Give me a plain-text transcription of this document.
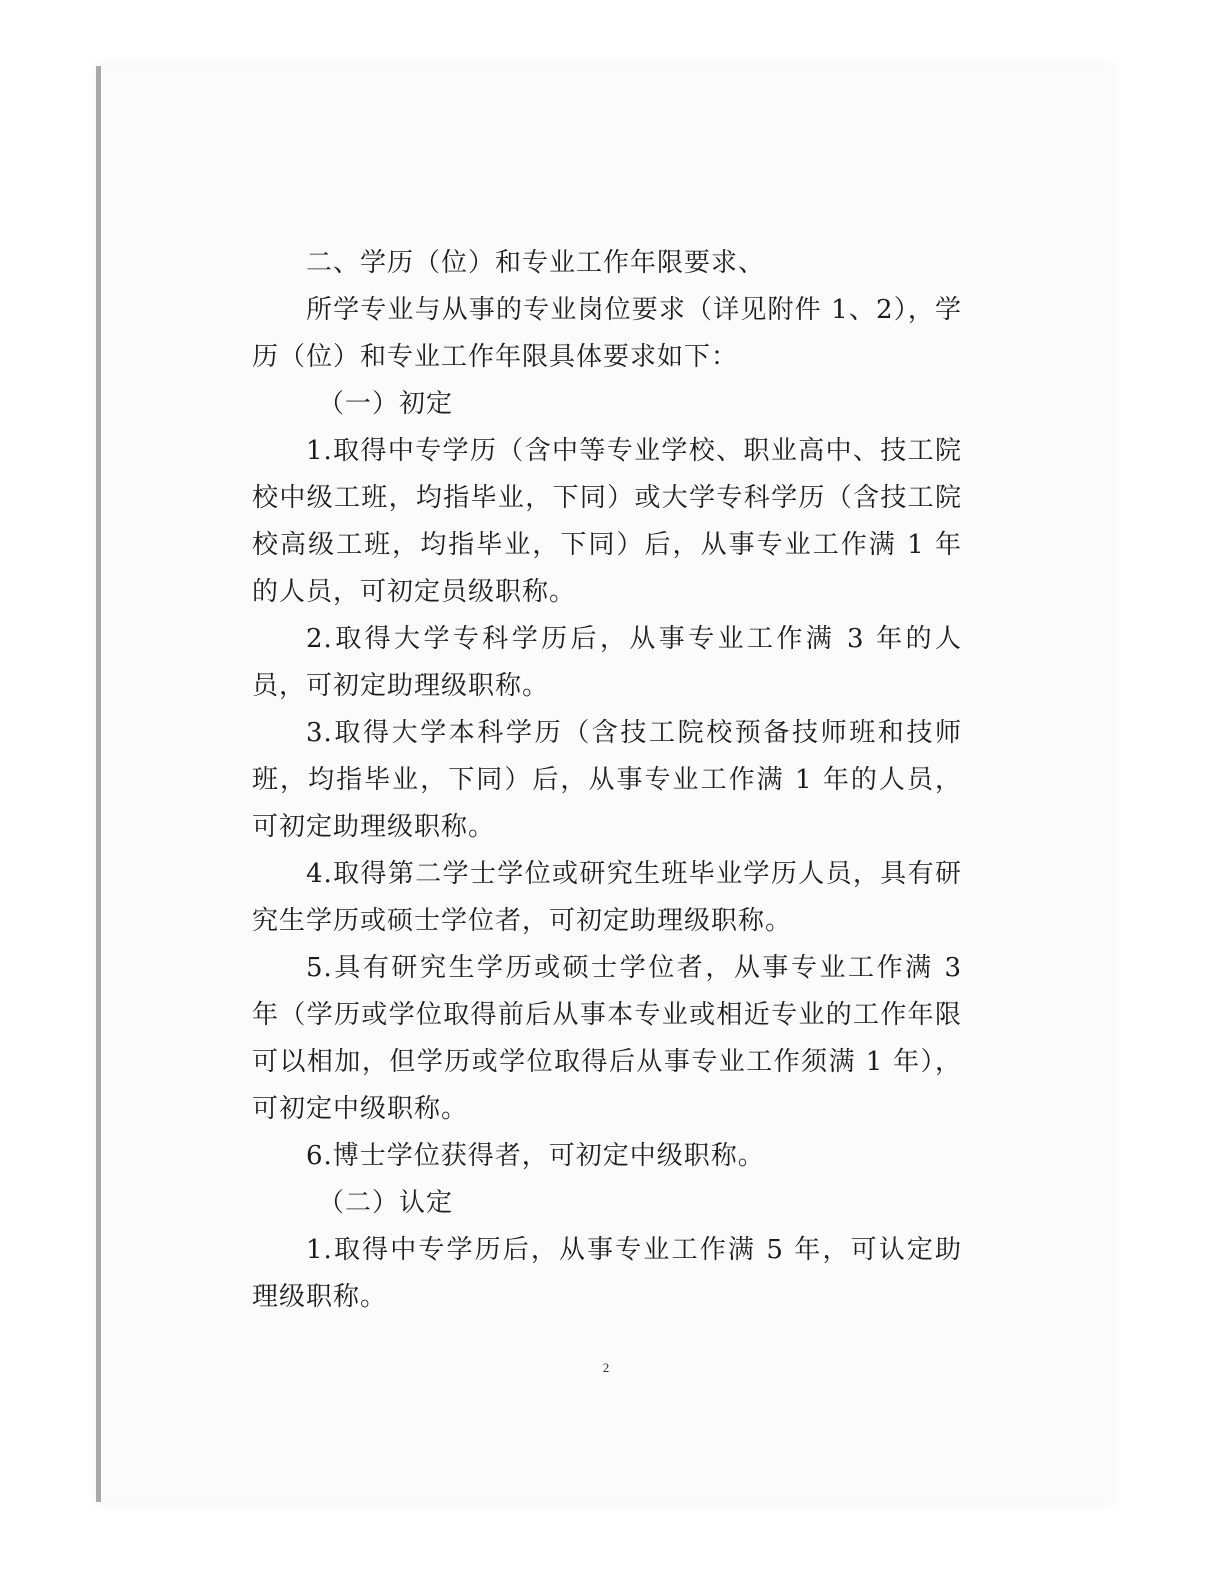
二、学历（位）和专业工作年限要求、

所学专业与从事的专业岗位要求（详见附件 1、2），学历（位）和专业工作年限具体要求如下：

（一）初定

1.取得中专学历（含中等专业学校、职业高中、技工院校中级工班，均指毕业，下同）或大学专科学历（含技工院校高级工班，均指毕业，下同）后，从事专业工作满 1 年的人员，可初定员级职称。

2.取得大学专科学历后，从事专业工作满 3 年的人员，可初定助理级职称。

3.取得大学本科学历（含技工院校预备技师班和技师班，均指毕业，下同）后，从事专业工作满 1 年的人员，可初定助理级职称。

4.取得第二学士学位或研究生班毕业学历人员，具有研究生学历或硕士学位者，可初定助理级职称。

5.具有研究生学历或硕士学位者，从事专业工作满 3 年（学历或学位取得前后从事本专业或相近专业的工作年限可以相加，但学历或学位取得后从事专业工作须满 1 年），可初定中级职称。

6.博士学位获得者，可初定中级职称。

（二）认定

1.取得中专学历后，从事专业工作满 5 年，可认定助理级职称。

2
